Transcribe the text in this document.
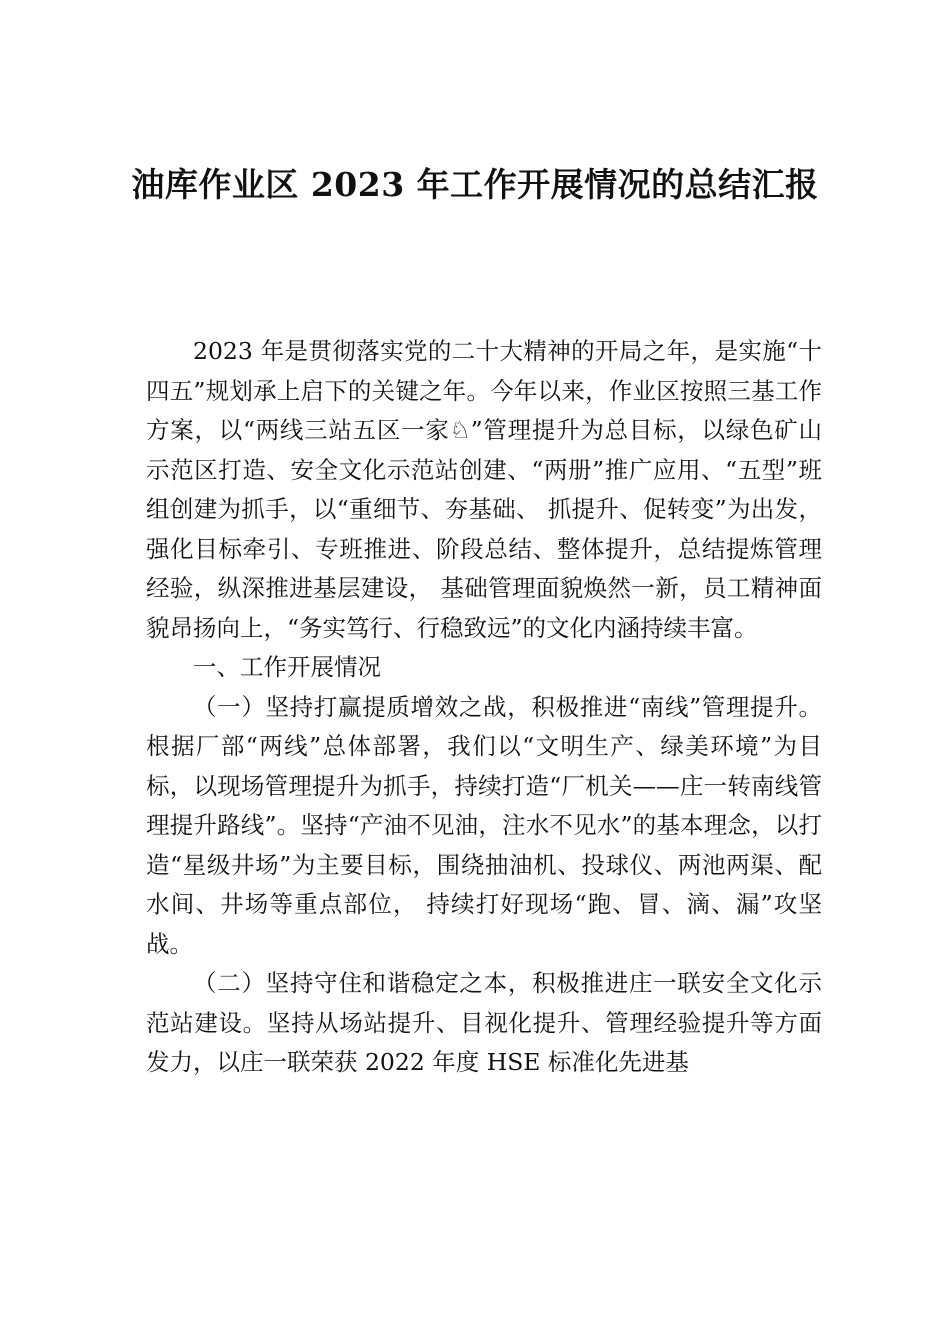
油库作业区 2023 年工作开展情况的总结汇报

2023 年是贯彻落实党的二十大精神的开局之年，是实施“十四五”规划承上启下的关键之年。今年以来，作业区按照三基工作方案，以“两线三站五区一家♘”管理提升为总目标，以绿色矿山示范区打造、安全文化示范站创建、“两册”推广应用、“五型”班组创建为抓手，以“重细节、夯基础、 抓提升、促转变”为出发，强化目标牵引、专班推进、阶段总结、整体提升，总结提炼管理经验，纵深推进基层建设， 基础管理面貌焕然一新，员工精神面貌昂扬向上，“务实笃行、行稳致远”的文化内涵持续丰富。

一、工作开展情况

（一）坚持打赢提质增效之战，积极推进“南线”管理提升。根据厂部“两线”总体部署，我们以“文明生产、绿美环境”为目标，以现场管理提升为抓手，持续打造“厂机关——庄一转南线管理提升路线”。坚持“产油不见油，注水不见水”的基本理念，以打造“星级井场”为主要目标，围绕抽油机、投球仪、两池两渠、配水间、井场等重点部位， 持续打好现场“跑、冒、滴、漏”攻坚战。

（二）坚持守住和谐稳定之本，积极推进庄一联安全文化示范站建设。坚持从场站提升、目视化提升、管理经验提升等方面发力，以庄一联荣获 2022 年度 HSE 标准化先进基
